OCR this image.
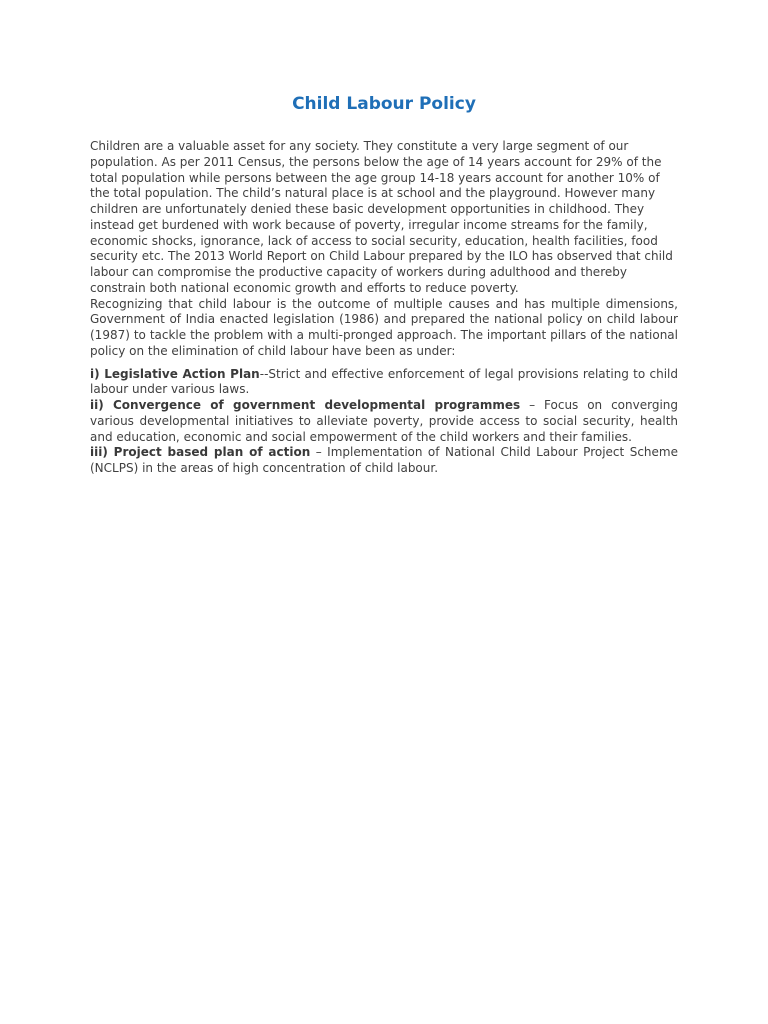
Child Labour Policy

Children are a valuable asset for any society. They constitute a very large segment of our population. As per 2011 Census, the persons below the age of 14 years account for 29% of the total population while persons between the age group 14-18 years account for another 10% of the total population. The child’s natural place is at school and the playground. However many children are unfortunately denied these basic development opportunities in childhood. They instead get burdened with work because of poverty, irregular income streams for the family, economic shocks, ignorance, lack of access to social security, education, health facilities, food security etc. The 2013 World Report on Child Labour prepared by the ILO has observed that child labour can compromise the productive capacity of workers during adulthood and thereby constrain both national economic growth and efforts to reduce poverty.

Recognizing that child labour is the outcome of multiple causes and has multiple dimensions, Government of India enacted legislation (1986) and prepared the national policy on child labour (1987) to tackle the problem with a multi-pronged approach. The important pillars of the national policy on the elimination of child labour have been as under:

i) Legislative Action Plan--Strict and effective enforcement of legal provisions relating to child labour under various laws.

ii) Convergence of government developmental programmes – Focus on converging various developmental initiatives to alleviate poverty, provide access to social security, health and education, economic and social empowerment of the child workers and their families.

iii) Project based plan of action – Implementation of National Child Labour Project Scheme (NCLPS) in the areas of high concentration of child labour.
